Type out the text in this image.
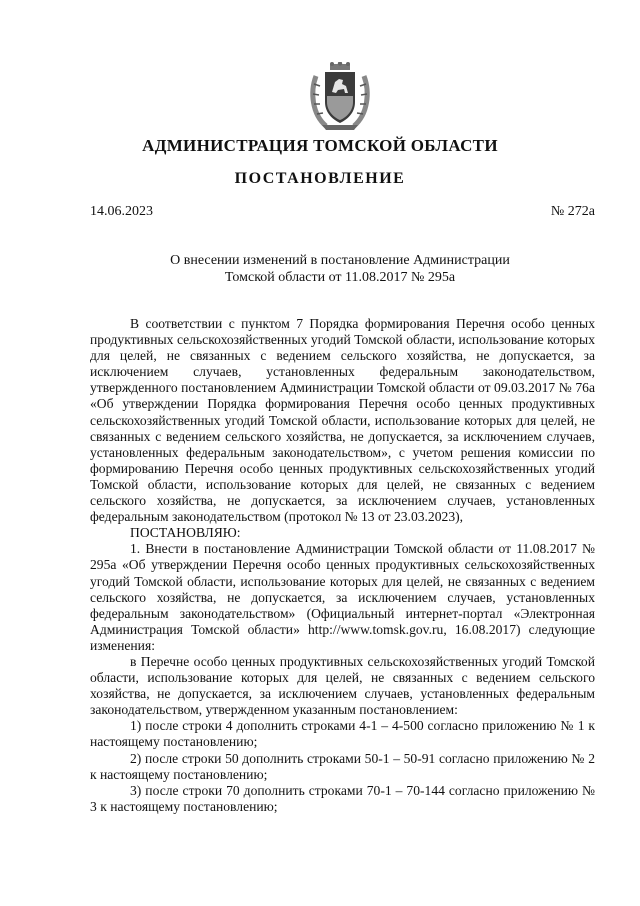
АДМИНИСТРАЦИЯ ТОМСКОЙ ОБЛАСТИ
ПОСТАНОВЛЕНИЕ
14.06.2023	№ 272а
О внесении изменений в постановление Администрации
Томской области от 11.08.2017 № 295а

В соответствии с пунктом 7 Порядка формирования Перечня особо ценных продуктивных сельскохозяйственных угодий Томской области, использование которых для целей, не связанных с ведением сельского хозяйства, не допускается, за исключением случаев, установленных федеральным законодательством, утвержденного постановлением Администрации Томской области от 09.03.2017 № 76а «Об утверждении Порядка формирования Перечня особо ценных продуктивных сельскохозяйственных угодий Томской области, использование которых для целей, не связанных с ведением сельского хозяйства, не допускается, за исключением случаев, установленных федеральным законодательством», с учетом решения комиссии по формированию Перечня особо ценных продуктивных сельскохозяйственных угодий Томской области, использование которых для целей, не связанных с ведением сельского хозяйства, не допускается, за исключением случаев, установленных федеральным законодательством (протокол № 13 от 23.03.2023),

ПОСТАНОВЛЯЮ:

1. Внести в постановление Администрации Томской области от 11.08.2017 № 295а «Об утверждении Перечня особо ценных продуктивных сельскохозяйственных угодий Томской области, использование которых для целей, не связанных с ведением сельского хозяйства, не допускается, за исключением случаев, установленных федеральным законодательством» (Официальный интернет-портал «Электронная Администрация Томской области» http://www.tomsk.gov.ru, 16.08.2017) следующие изменения:

в Перечне особо ценных продуктивных сельскохозяйственных угодий Томской области, использование которых для целей, не связанных с ведением сельского хозяйства, не допускается, за исключением случаев, установленных федеральным законодательством, утвержденном указанным постановлением:

1) после строки 4 дополнить строками 4-1 – 4-500 согласно приложению № 1 к настоящему постановлению;

2) после строки 50 дополнить строками 50-1 – 50-91 согласно приложению № 2 к настоящему постановлению;

3) после строки 70 дополнить строками 70-1 – 70-144 согласно приложению № 3 к настоящему постановлению;
